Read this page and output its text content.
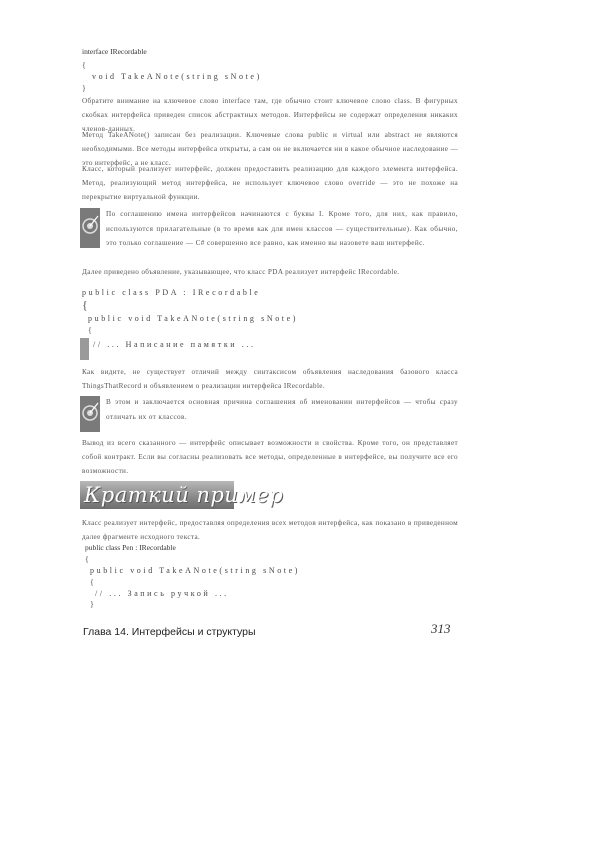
interface IRecordable
{
void TakeANote(string sNote)
}
Обратите внимание на ключевое слово interface там, где обычно стоит ключевое слово class. В фигурных скобках интерфейса приведен список абстрактных методов. Интерфейсы не содержат определения никаких членов-данных.
Метод TakeANote() записан без реализации. Ключевые слова public и virtual или abstract не являются необходимыми. Все методы интерфейса открыты, а сам он не включается ни в какое обычное наследование — это интерфейс, а не класс.
Класс, который реализует интерфейс, должен предоставить реализацию для каждого элемента интерфейса. Метод, реализующий метод интерфейса, не использует ключевое слово override — это не похоже на перекрытие виртуальной функции.
По соглашению имена интерфейсов начинаются с буквы I. Кроме того, для них, как правило, используются прилагательные (в то время как для имен классов — существительные). Как обычно, это только соглашение — C# совершенно все равно, как именно вы назовете ваш интерфейс.
Далее приведено объявление, указывающее, что класс PDA реализует интерфейс IRecordable.
public class PDA : IRecordable
{
public void TakeANote(string sNote)
{
// ... Написание памятки ...
Как видите, не существует отличий между синтаксисом объявления наследования базового класса ThingsThatRecord и объявлением о реализации интерфейса IRecordable.
В этом и заключается основная причина соглашения об именовании интерфейсов — чтобы сразу отличать их от классов.
Вывод из всего сказанного — интерфейс описывает возможности и свойства. Кроме того, он представляет собой контракт. Если вы согласны реализовать все методы, определенные в интерфейсе, вы получите все его возможности.
Краткий пример
Класс реализует интерфейс, предоставляя определения всех методов интерфейса, как показано в приведенном далее фрагменте исходного текста.
public class Pen : IRecordable
{
public void TakeANote(string sNote)
{
// ... Запись ручкой ...
}
Глава 14. Интерфейсы и структуры	313
